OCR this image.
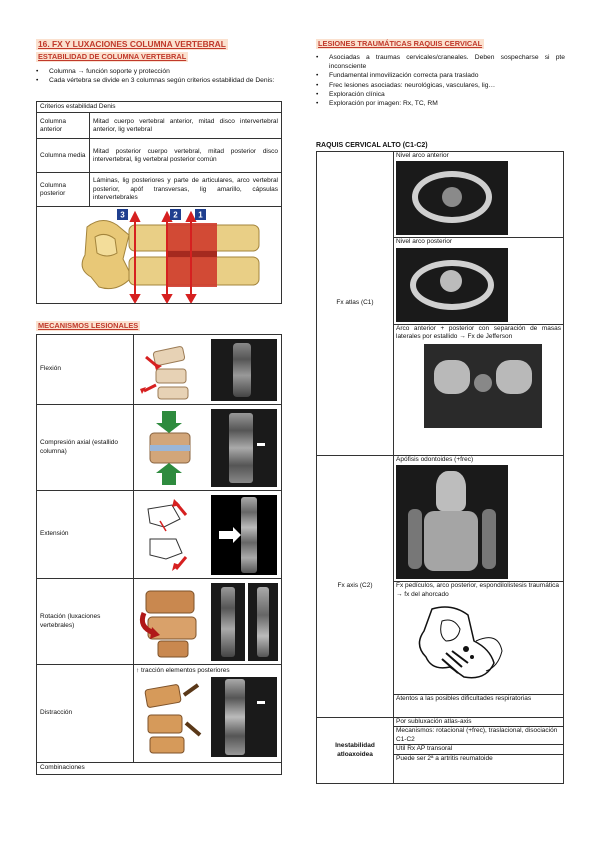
16. FX Y LUXACIONES COLUMNA VERTEBRAL
ESTABILIDAD DE COLUMNA VERTEBRAL
• Columna → función soporte y protección
• Cada vértebra se divide en 3 columnas según criterios estabilidad de Denis:
Criterios estabilidad Denis	
Columna anterior	Mitad cuerpo vertebral anterior, mitad disco intervertebral anterior, lig vertebral
Columna media	Mitad posterior cuerpo vertebral, mitad posterior disco intervertebral, lig vertebral posterior común
Columna posterior	Láminas, lig posteriores y parte de articulares, arco vertebral posterior, apóf transversas, lig amarillo, cápsulas intervertebrales

3 2 1	
MECANISMOS LESIONALES
Flexión	

Compresión axial (estallido columna)	

Extensión	

Rotación (luxaciones vertebrales)	

Distracción	↑ tracción elementos posteriores

Combinaciones	
LESIONES TRAUMÁTICAS RAQUIS CERVICAL
• Asociadas a traumas cervicales/craneales. Deben sospecharse si pte inconsciente
• Fundamental inmovilización correcta para traslado
• Frec lesiones asociadas: neurológicas, vasculares, lig…
• Exploración clínica
• Exploración por imagen: Rx, TC, RM
RAQUIS CERVICAL ALTO (C1-C2)
Fx atlas (C1)	Nivel arco anterior
Nivel arco posterior
Arco anterior + posterior con separación de masas laterales por estallido → Fx de Jefferson

Fx axis (C2)	Apófisis odontoides (+frec)
Fx pedículos, arco posterior, espondilolistesis traumática → fx del ahorcado
Atentos a las posibles dificultades respiratorias

Inestabilidad atloaxoidea	Por subluxación atlas-axis
Mecanismos: rotacional (+frec), traslacional, disociación C1-C2
Útil Rx AP transoral
Puede ser 2ª a artritis reumatoide
